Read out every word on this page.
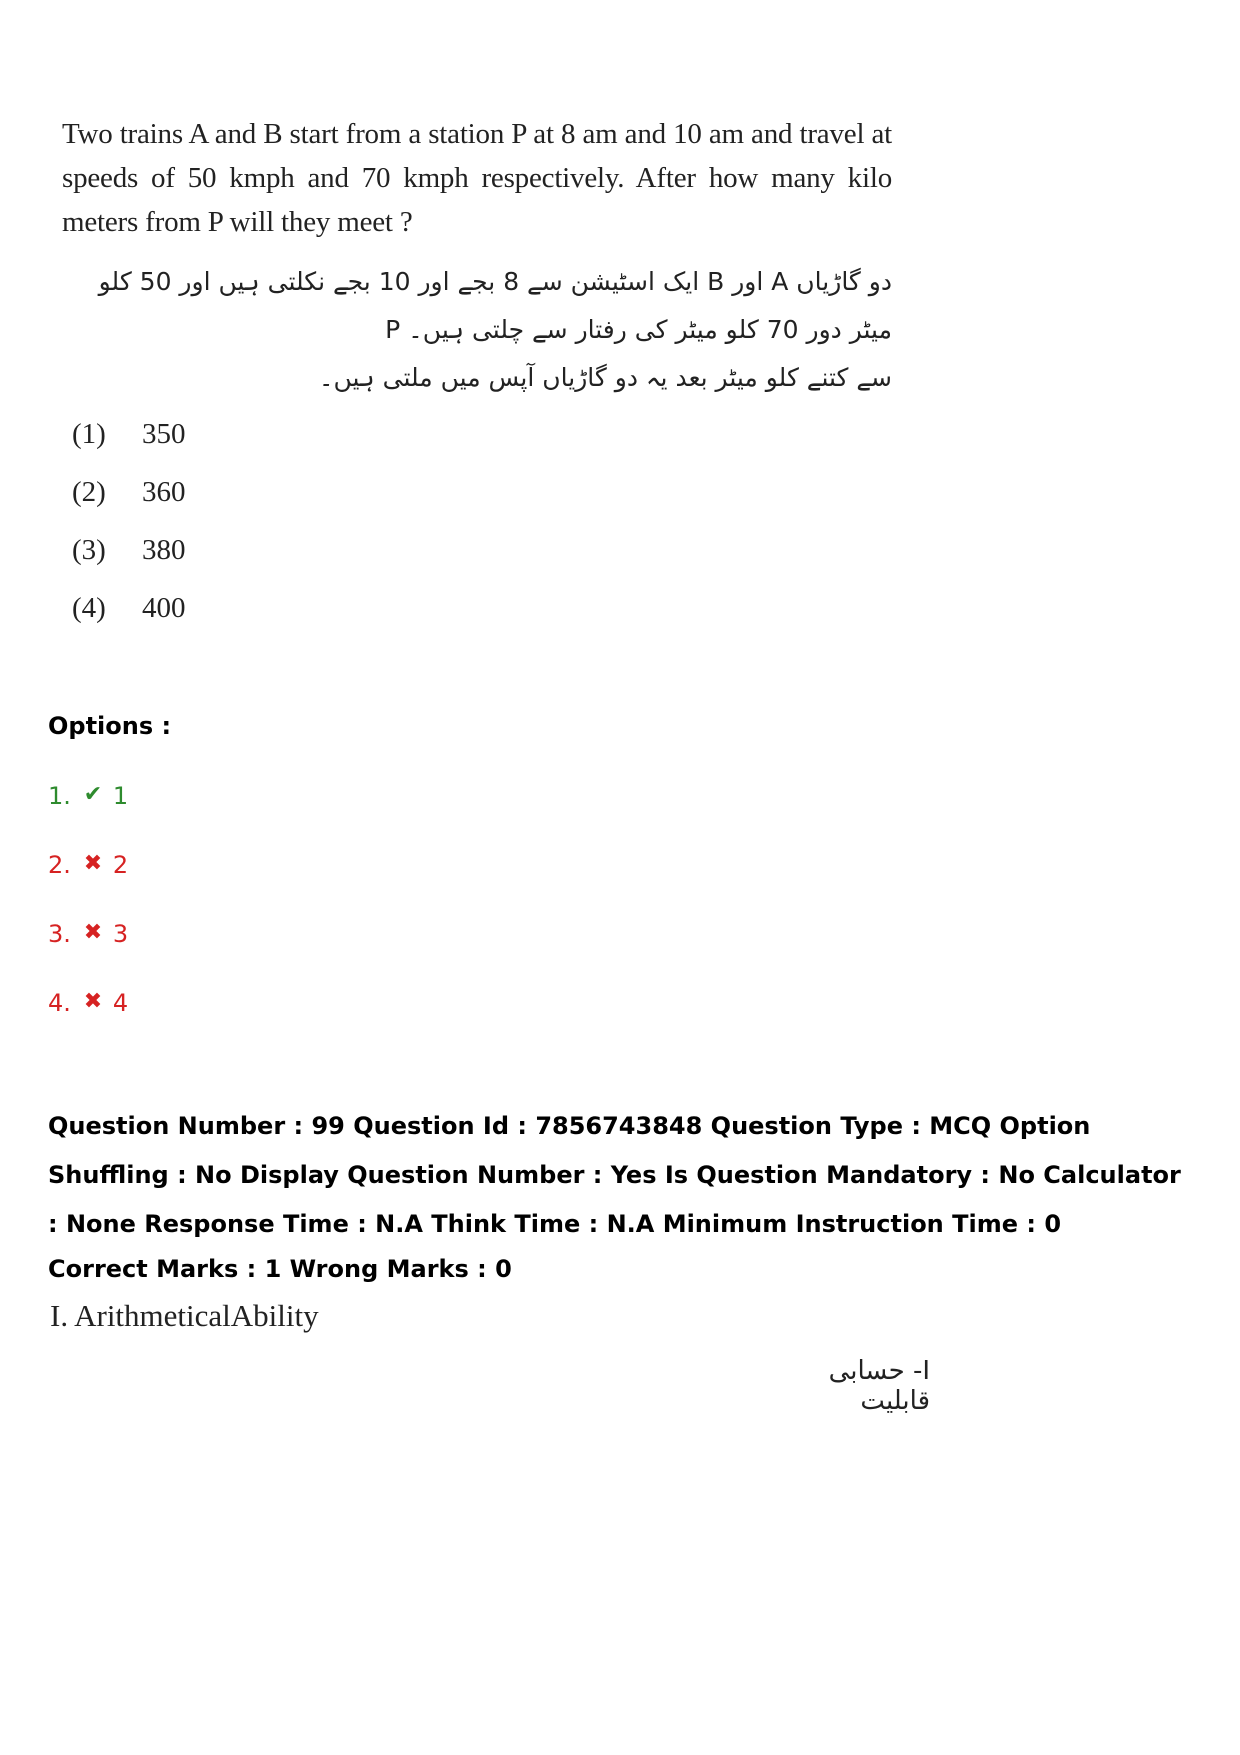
Two trains A and B start from a station P at 8 am and 10 am and travel at speeds of 50 kmph and 70 kmph respectively. After how many kilo meters from P will they meet ?

دو گاڑیاں A اور B ایک اسٹیشن سے 8 بجے اور 10 بجے نکلتی ہیں اور 50 کلو میٹر دور 70 کلو میٹر کی رفتار سے چلتی ہیں۔ P
سے کتنے کلو میٹر بعد یہ دو گاڑیاں آپس میں ملتی ہیں۔
(1)	350
(2)	360
(3)	380
(4)	400
Options :
1. ✔ 1
2. ✖ 2
3. ✖ 3
4. ✖ 4
Question Number : 99 Question Id : 7856743848 Question Type : MCQ Option Shuffling : No Display Question Number : Yes Is Question Mandatory : No Calculator : None Response Time : N.A Think Time : N.A Minimum Instruction Time : 0
Correct Marks : 1 Wrong Marks : 0
I. ArithmeticalAbility
I- حسابی قابلیت
